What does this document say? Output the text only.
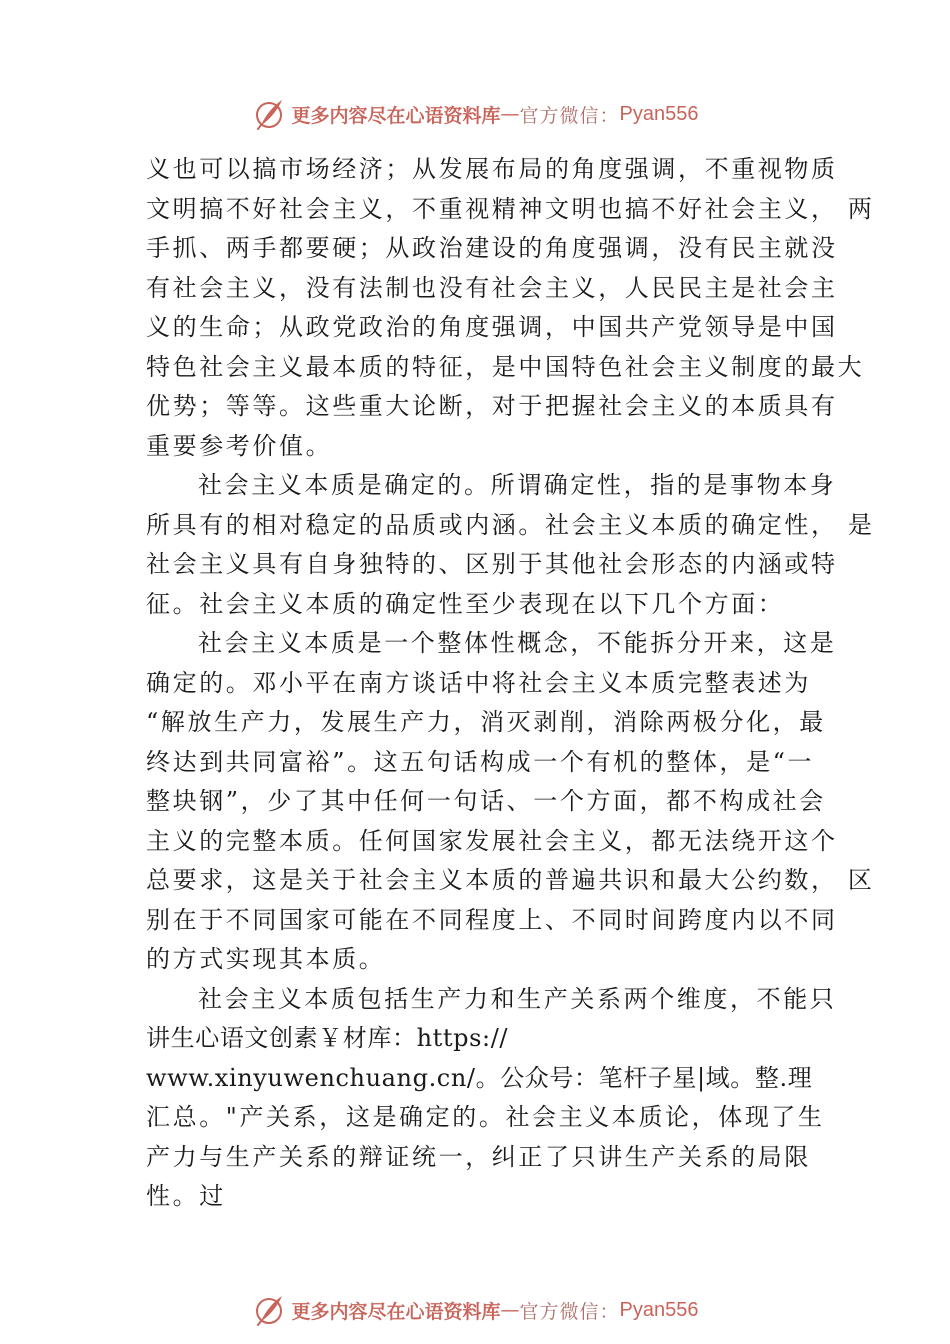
更多内容尽在心语资料库 — 官方微信： Pyan556
义也可以搞市场经济；从发展布局的角度强调，不重视物质
文明搞不好社会主义，不重视精神文明也搞不好社会主义， 两
手抓、两手都要硬；从政治建设的角度强调，没有民主就没
有社会主义，没有法制也没有社会主义，人民民主是社会主
义的生命；从政党政治的角度强调，中国共产党领导是中国
特色社会主义最本质的特征，是中国特色社会主义制度的最大
优势；等等。这些重大论断，对于把握社会主义的本质具有
重要参考价值。
社会主义本质是确定的。所谓确定性，指的是事物本身
所具有的相对稳定的品质或内涵。社会主义本质的确定性， 是
社会主义具有自身独特的、区别于其他社会形态的内涵或特
征。社会主义本质的确定性至少表现在以下几个方面：
社会主义本质是一个整体性概念，不能拆分开来，这是
确定的。邓小平在南方谈话中将社会主义本质完整表述为
“解放生产力，发展生产力，消灭剥削，消除两极分化，最
终达到共同富裕”。这五句话构成一个有机的整体，是“一
整块钢”，少了其中任何一句话、一个方面，都不构成社会
主义的完整本质。任何国家发展社会主义，都无法绕开这个
总要求，这是关于社会主义本质的普遍共识和最大公约数， 区
别在于不同国家可能在不同程度上、不同时间跨度内以不同
的方式实现其本质。
社会主义本质包括生产力和生产关系两个维度，不能只
讲生心语文创素￥材库：https://
www.xinyuwenchuang.cn/。公众号：笔杆子星|域。整.理
汇总。"产关系，这是确定的。社会主义本质论，体现了生
产力与生产关系的辩证统一，纠正了只讲生产关系的局限
性。过
更多内容尽在心语资料库 — 官方微信： Pyan556
